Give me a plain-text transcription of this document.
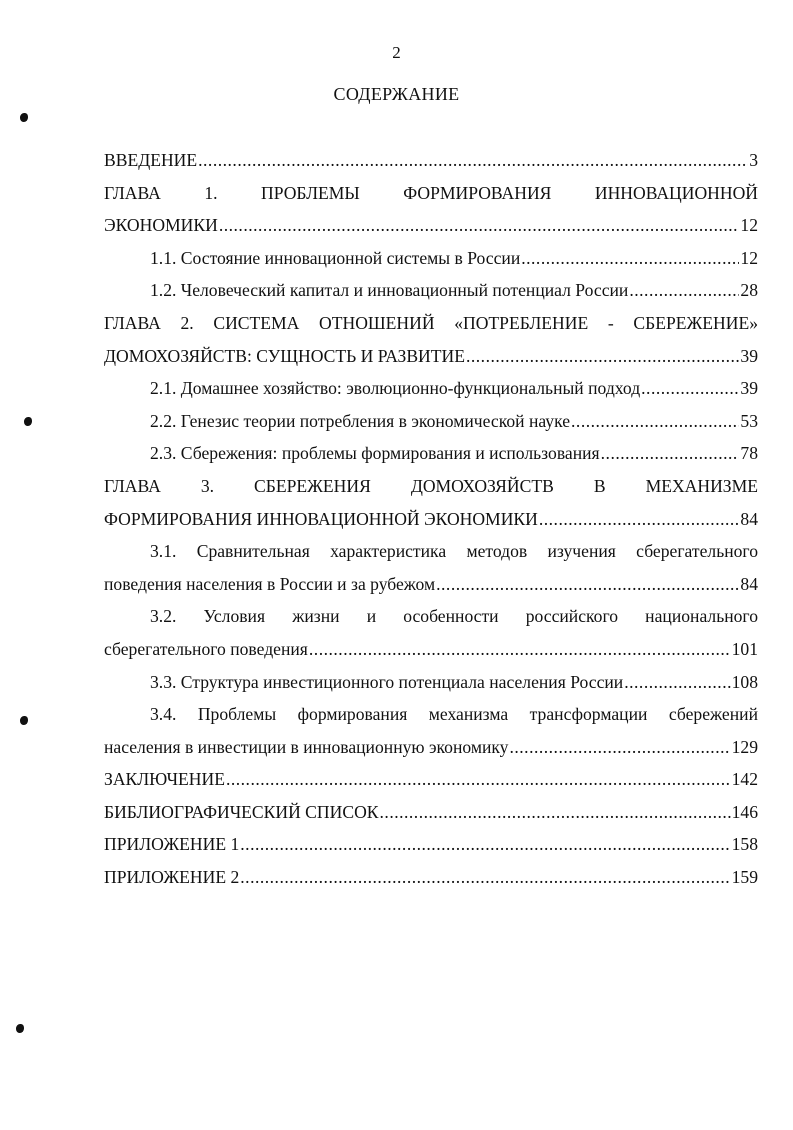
2
СОДЕРЖАНИЕ
ВВЕДЕНИЕ .....	3
ГЛАВА 1. ПРОБЛЕМЫ ФОРМИРОВАНИЯ ИННОВАЦИОННОЙ
ЭКОНОМИКИ .....	12
1.1. Состояние инновационной системы в России .....	12
1.2. Человеческий капитал и инновационный потенциал России .....	28
ГЛАВА 2. СИСТЕМА ОТНОШЕНИЙ «ПОТРЕБЛЕНИЕ - СБЕРЕЖЕНИЕ»
ДОМОХОЗЯЙСТВ: СУЩНОСТЬ И РАЗВИТИЕ .....	39
2.1. Домашнее хозяйство: эволюционно-функциональный подход .....	39
2.2. Генезис теории потребления в экономической науке .....	53
2.3. Сбережения: проблемы формирования и использования .....	78
ГЛАВА 3. СБЕРЕЖЕНИЯ ДОМОХОЗЯЙСТВ В МЕХАНИЗМЕ
ФОРМИРОВАНИЯ ИННОВАЦИОННОЙ ЭКОНОМИКИ .....	84
3.1. Сравнительная характеристика методов изучения сберегательного
поведения населения в России и за рубежом .....	84
3.2. Условия жизни и особенности российского национального
сберегательного поведения .....	101
3.3. Структура инвестиционного потенциала населения России .....	108
3.4. Проблемы формирования механизма трансформации сбережений
населения в инвестиции в инновационную экономику .....	129
ЗАКЛЮЧЕНИЕ .....	142
БИБЛИОГРАФИЧЕСКИЙ СПИСОК .....	146
ПРИЛОЖЕНИЕ 1 .....	158
ПРИЛОЖЕНИЕ 2 .....	159
